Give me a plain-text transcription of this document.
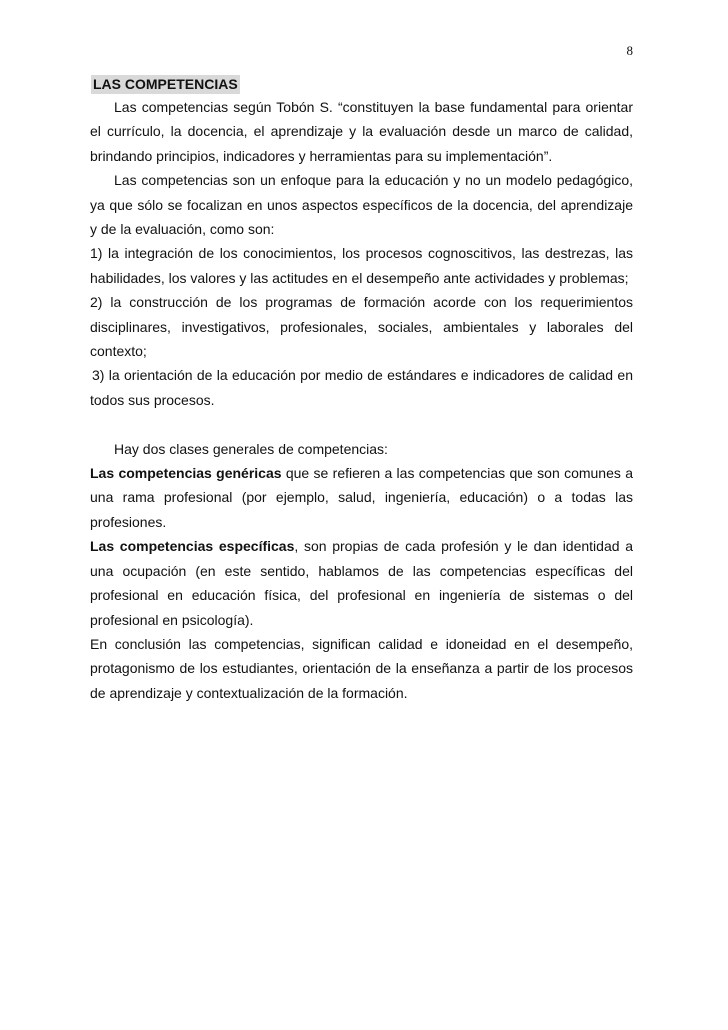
8
LAS COMPETENCIAS

Las competencias según Tobón S. “constituyen la base fundamental para orientar el currículo, la docencia, el aprendizaje y la evaluación desde un marco de calidad, brindando principios, indicadores y herramientas para su implementación”.

Las competencias son un enfoque para la educación y no un modelo pedagógico, ya que sólo se focalizan en unos aspectos específicos de la docencia, del aprendizaje y de la evaluación, como son:

1) la integración de los conocimientos, los procesos cognoscitivos, las destrezas, las habilidades, los valores y las actitudes en el desempeño ante actividades y problemas;

2) la construcción de los programas de formación acorde con los requerimientos disciplinares, investigativos, profesionales, sociales, ambientales y laborales del contexto;

3) la orientación de la educación por medio de estándares e indicadores de calidad en todos sus procesos.

Hay dos clases generales de competencias:

Las competencias genéricas que se refieren a las competencias que son comunes a una rama profesional (por ejemplo, salud, ingeniería, educación) o a todas las profesiones.

Las competencias específicas, son propias de cada profesión y le dan identidad a una ocupación (en este sentido, hablamos de las competencias específicas del profesional en educación física, del profesional en ingeniería de sistemas o del profesional en psicología).

En conclusión las competencias, significan calidad e idoneidad en el desempeño, protagonismo de los estudiantes, orientación de la enseñanza a partir de los procesos de aprendizaje y contextualización de la formación.
